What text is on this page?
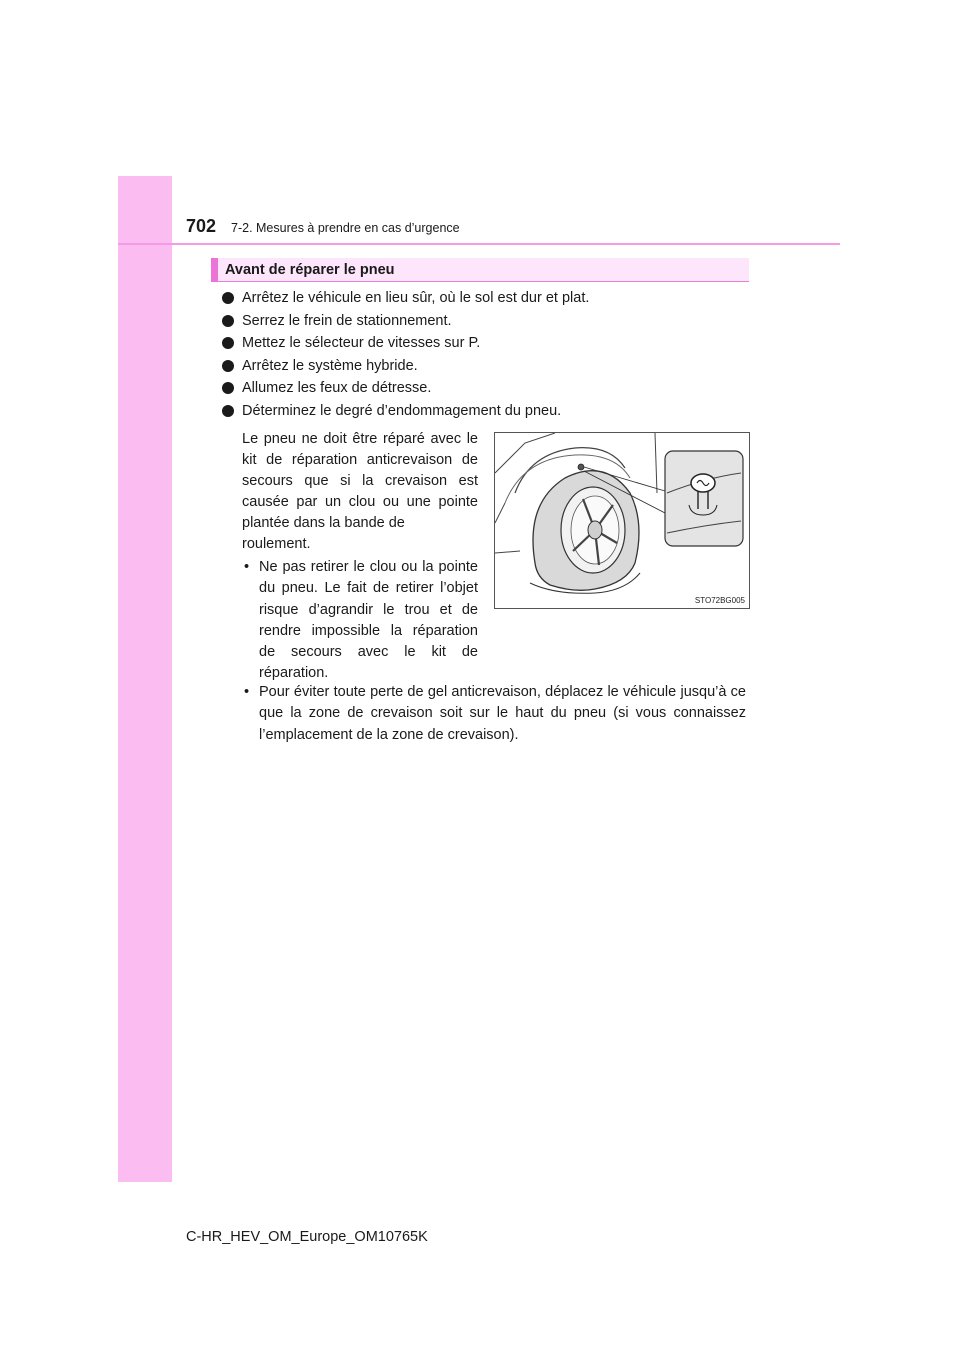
702 7-2. Mesures à prendre en cas d’urgence
Avant de réparer le pneu
Arrêtez le véhicule en lieu sûr, où le sol est dur et plat.
Serrez le frein de stationnement.
Mettez le sélecteur de vitesses sur P.
Arrêtez le système hybride.
Allumez les feux de détresse.
Déterminez le degré d’endommagement du pneu.
Le pneu ne doit être réparé avec le kit de réparation anticrevaison de secours que si la crevaison est causée par un clou ou une pointe plantée dans la bande de
roulement.
• Ne pas retirer le clou ou la pointe du pneu. Le fait de retirer l’objet risque d’agrandir le trou et de rendre impossible la réparation de secours avec le kit de réparation.
• Pour éviter toute perte de gel anticrevaison, déplacez le véhicule jusqu’à ce que la zone de crevaison soit sur le haut du pneu (si vous connaissez l’emplacement de la zone de crevaison).
STO72BG005
C-HR_HEV_OM_Europe_OM10765K
